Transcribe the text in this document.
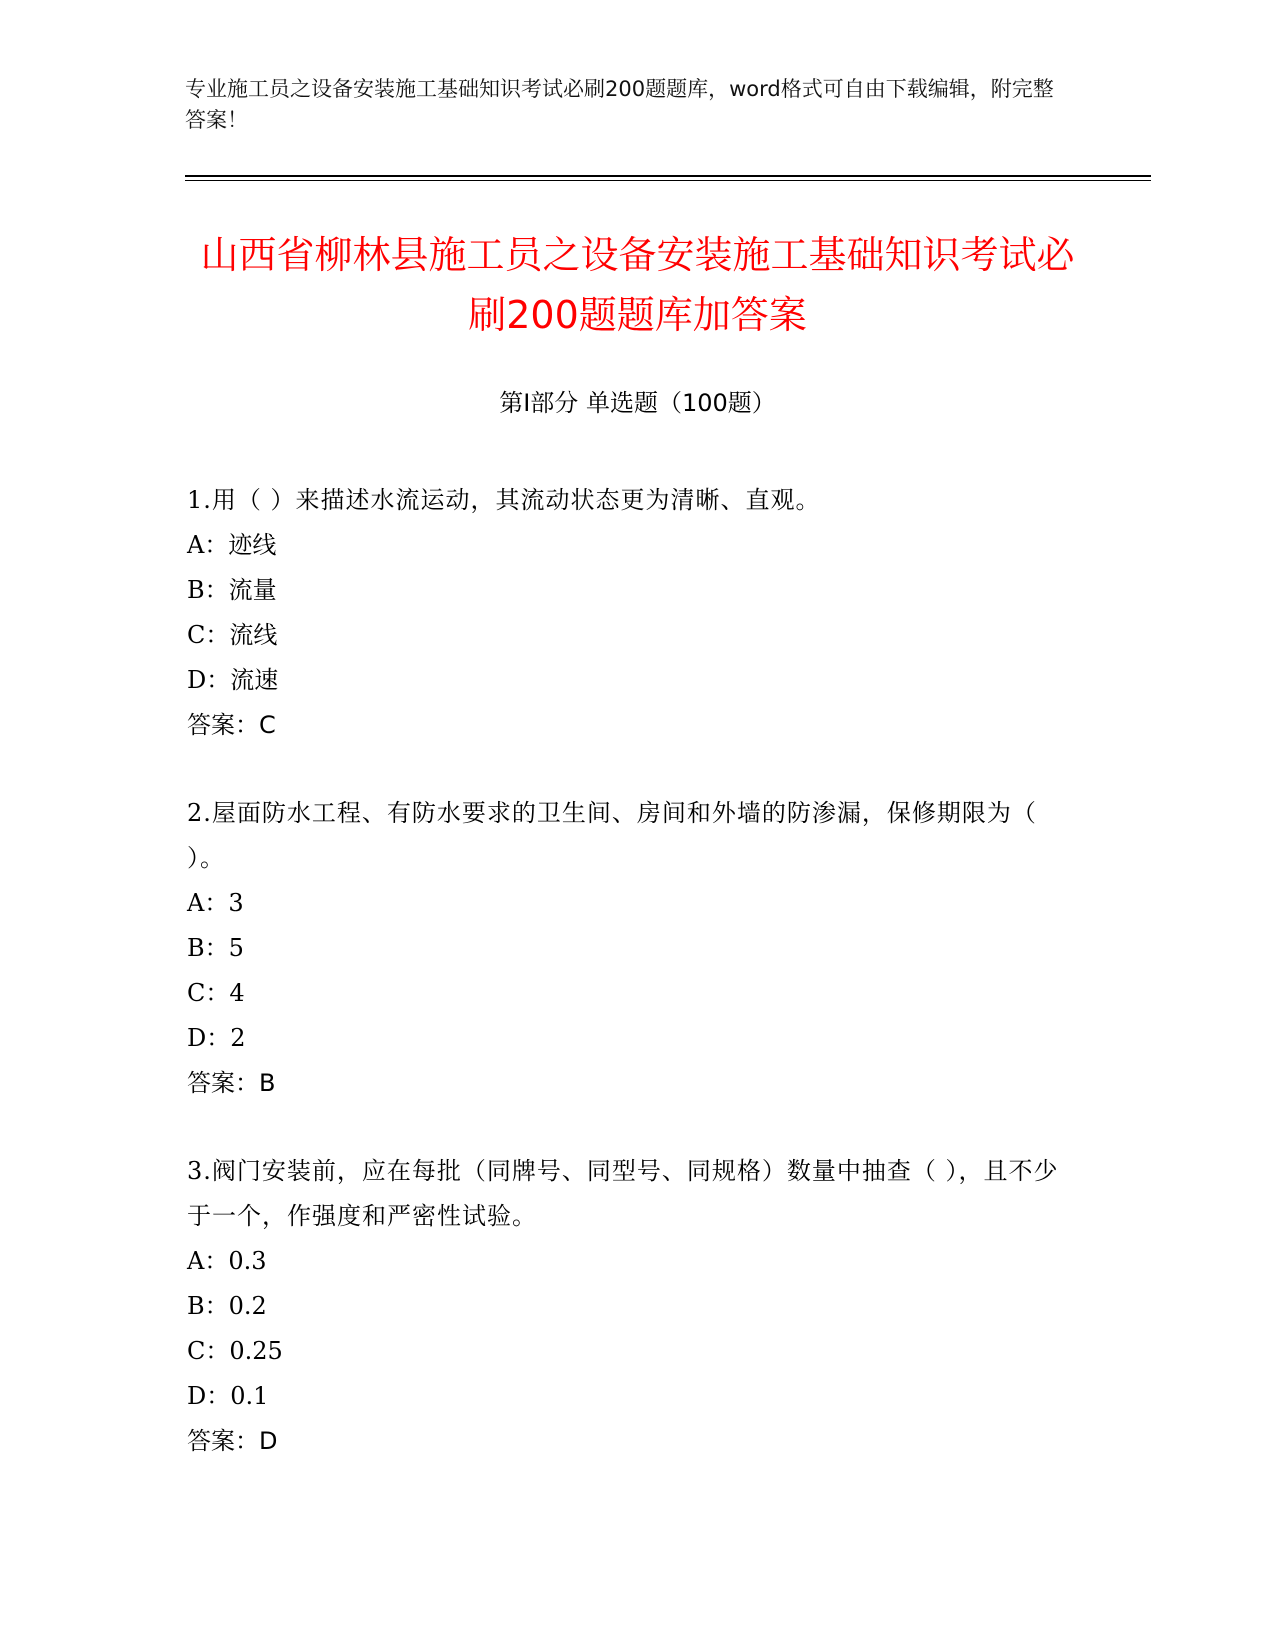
专业施工员之设备安装施工基础知识考试必刷200题题库，word格式可自由下载编辑，附完整答案！
山西省柳林县施工员之设备安装施工基础知识考试必刷200题题库加答案
第Ⅰ部分 单选题（100题）

1.用（ ）来描述水流运动，其流动状态更为清晰、直观。

A：迹线

B：流量

C：流线

D：流速

答案：C

2.屋面防水工程、有防水要求的卫生间、房间和外墙的防渗漏，保修期限为（ ）。

A：3

B：5

C：4

D：2

答案：B

3.阀门安装前，应在每批（同牌号、同型号、同规格）数量中抽查（ ），且不少于一个，作强度和严密性试验。

A：0.3

B：0.2

C：0.25

D：0.1

答案：D
